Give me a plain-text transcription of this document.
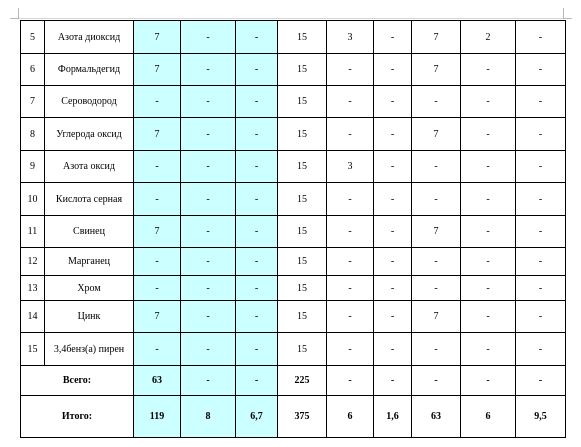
5	Азота диоксид	7	-	-	15	3	-	7	2	-
6	Формальдегид	7	-	-	15	-	-	7	-	-
7	Сероводород	-	-	-	15	-	-	-	-	-
8	Углерода оксид	7	-	-	15	-	-	7	-	-
9	Азота оксид	-	-	-	15	3	-	-	-	-
10	Кислота серная	-	-	-	15	-	-	-	-	-
11	Свинец	7	-	-	15	-	-	7	-	-
12	Марганец	-	-	-	15	-	-	-	-	-
13	Хром	-	-	-	15	-	-	-	-	-
14	Цинк	7	-	-	15	-	-	7	-	-
15	3,4бенз(а) пирен	-	-	-	15	-	-	-	-	-
Всего:		63	-	-	225	-	-	-	-	-
Итого:		119	8	6,7	375	6	1,6	63	6	9,5
